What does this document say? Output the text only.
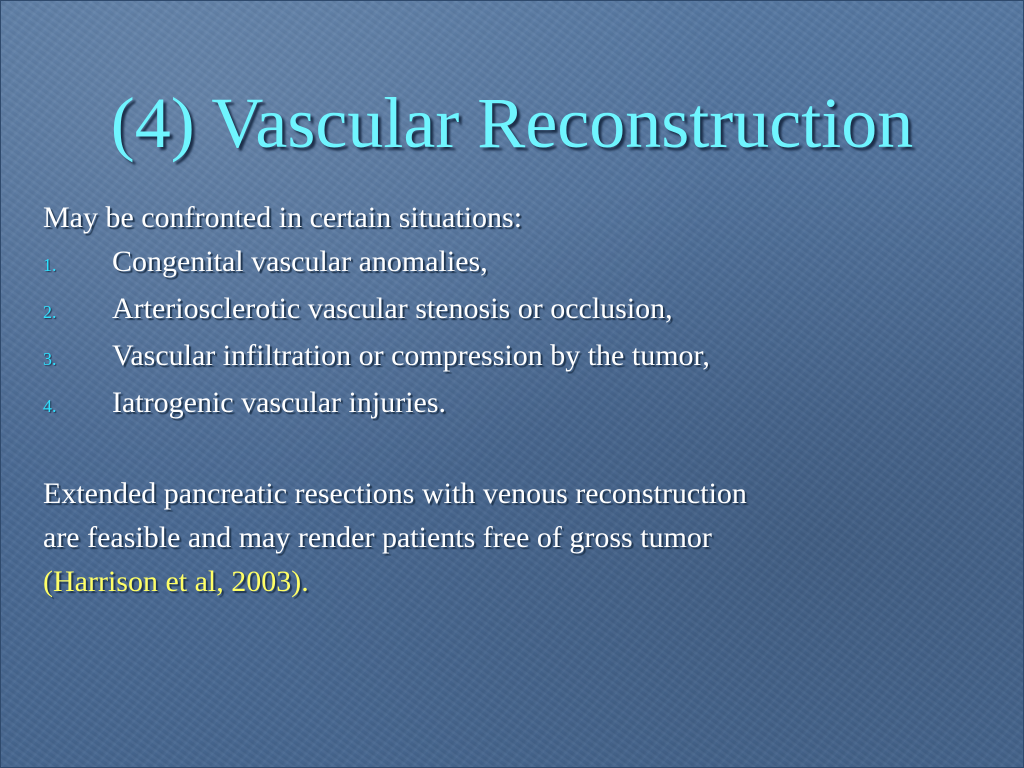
(4) Vascular Reconstruction
May be confronted in certain situations:
1. Congenital vascular anomalies,
2. Arteriosclerotic vascular stenosis or occlusion,
3. Vascular infiltration or compression by the tumor,
4. Iatrogenic vascular injuries.
Extended pancreatic resections with venous reconstruction
are feasible and may render patients free of gross tumor
(Harrison et al, 2003).
